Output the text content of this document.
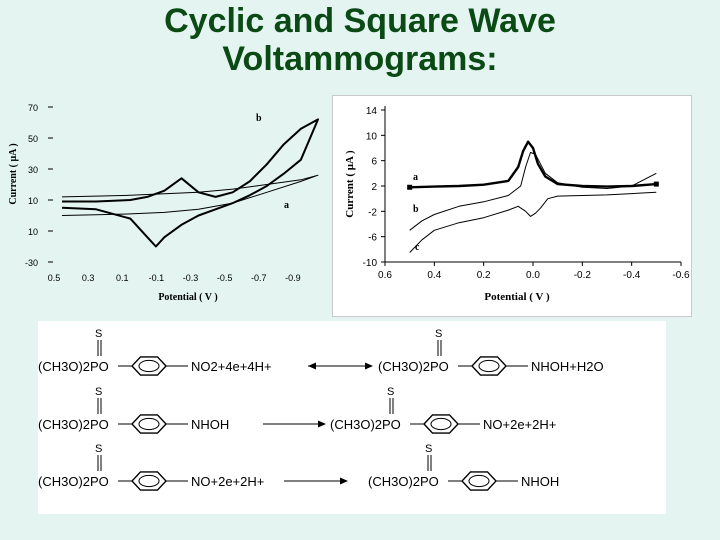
Cyclic and Square Wave
Voltammograms:
70
50
30
10
10
-30
0.5 0.3 0.1 -0.1 -0.3 -0.5 -0.7 -0.9
b
a
Potential ( V )
Current ( μA )
14
10
6
2
-2
-6
-10
0.6	0.4	0.2	0.0	-0.2	-0.4	-0.6
a
b
c
Potential ( V )
Current ( μA )
S
(CH3O)2PO	NO2+4e+4H+
S
(CH3O)2PO	NHOH+H2O
S
(CH3O)2PO	NHOH
S
(CH3O)2PO	NO+2e+2H+
S
(CH3O)2PO	NO+2e+2H+
S
(CH3O)2PO	NHOH
